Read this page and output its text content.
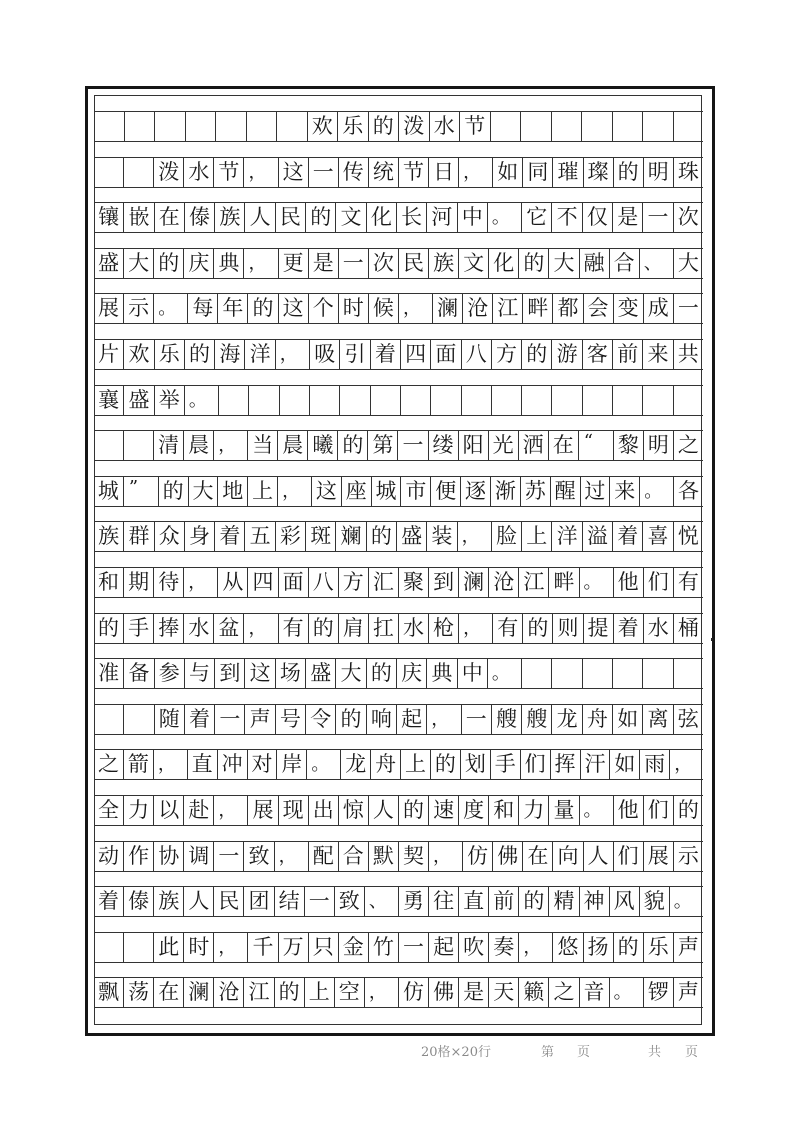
欢 乐 的 泼 水 节
泼 水 节 ， 这 一 传 统 节 日 ， 如 同 璀 璨 的 明 珠
镶 嵌 在 傣 族 人 民 的 文 化 长 河 中 。 它 不 仅 是 一 次
盛 大 的 庆 典 ， 更 是 一 次 民 族 文 化 的 大 融 合 、 大
展 示 。 每 年 的 这 个 时 候 ， 澜 沧 江 畔 都 会 变 成 一
片 欢 乐 的 海 洋 ， 吸 引 着 四 面 八 方 的 游 客 前 来 共
襄 盛 举 。
清 晨 ， 当 晨 曦 的 第 一 缕 阳 光 洒 在 “	黎 明 之
城 ”	的 大 地 上 ， 这 座 城 市 便 逐 渐 苏 醒 过 来 。 各
族 群 众 身 着 五 彩 斑 斓 的 盛 装 ， 脸 上 洋 溢 着 喜 悦
和 期 待 ， 从 四 面 八 方 汇 聚 到 澜 沧 江 畔 。 他 们 有
的 手 捧 水 盆 ， 有 的 肩 扛 水 枪 ， 有 的 则 提 着 水 桶
准 备 参 与 到 这 场 盛 大 的 庆 典 中 。
随 着 一 声 号 令 的 响 起 ， 一 艘 艘 龙 舟 如 离 弦
之 箭 ， 直 冲 对 岸 。 龙 舟 上 的 划 手 们 挥 汗 如 雨 ，
全 力 以 赴 ， 展 现 出 惊 人 的 速 度 和 力 量 。 他 们 的
动 作 协 调 一 致 ， 配 合 默 契 ， 仿 佛 在 向 人 们 展 示
着 傣 族 人 民 团 结 一 致 、 勇 往 直 前 的 精 神 风 貌 。
此 时 ， 千 万 只 金 竹 一 起 吹 奏 ， 悠 扬 的 乐 声
飘 荡 在 澜 沧 江 的 上 空 ， 仿 佛 是 天 籁 之 音 。 锣 声
20格×20行	第 页	共 页
